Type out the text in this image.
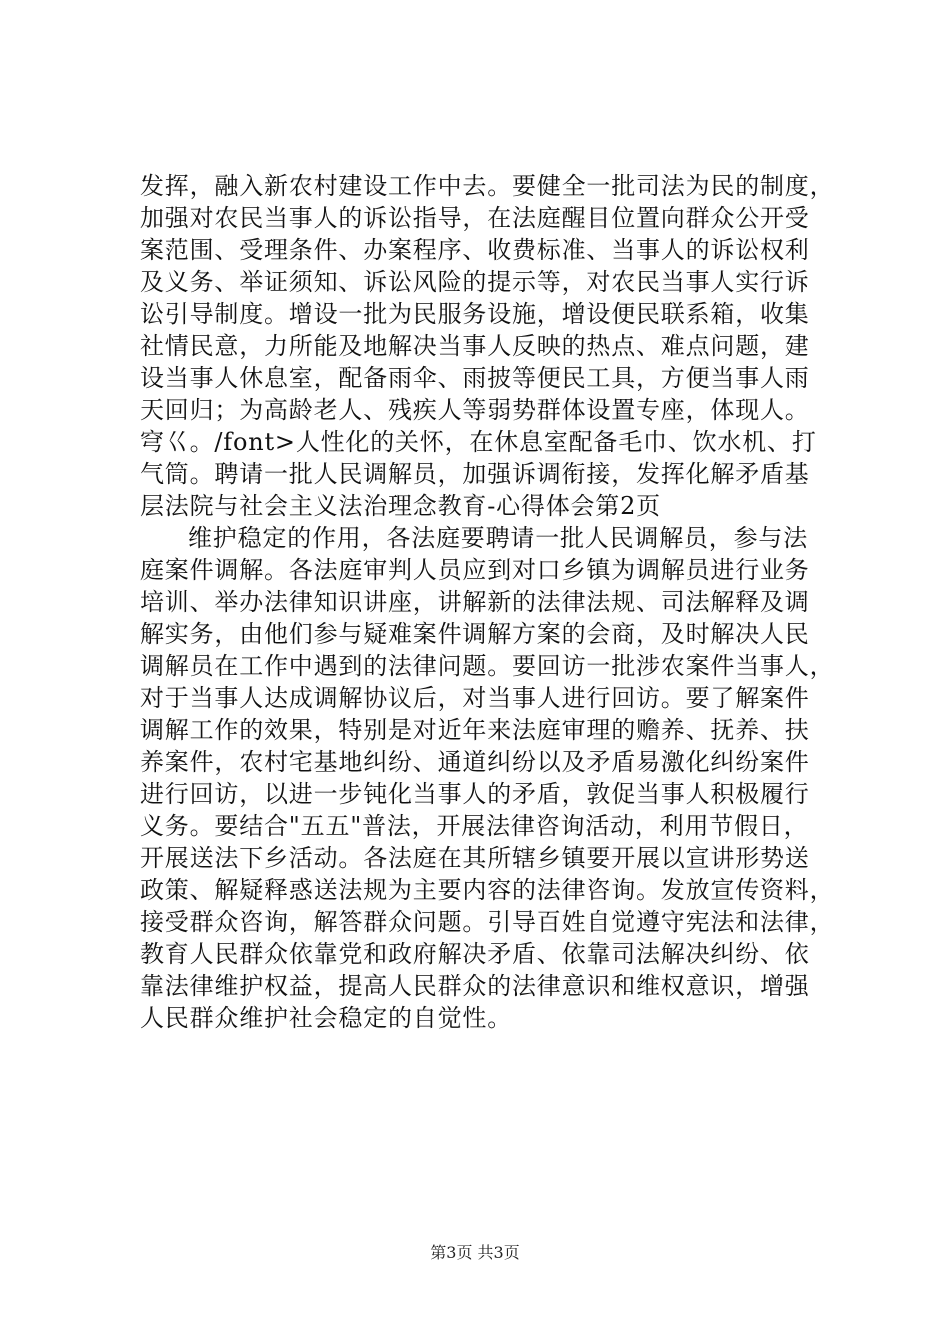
发挥，融入新农村建设工作中去。要健全一批司法为民的制度，
加强对农民当事人的诉讼指导，在法庭醒目位置向群众公开受
案范围、受理条件、办案程序、收费标准、当事人的诉讼权利
及义务、举证须知、诉讼风险的提示等，对农民当事人实行诉
讼引导制度。增设一批为民服务设施，增设便民联系箱，收集
社情民意，力所能及地解决当事人反映的热点、难点问题，建
设当事人休息室，配备雨伞、雨披等便民工具，方便当事人雨
天回归；为高龄老人、残疾人等弱势群体设置专座，体现人。
穹巜。/font>人性化的关怀，在休息室配备毛巾、饮水机、打
气筒。聘请一批人民调解员，加强诉调衔接，发挥化解矛盾基
层法院与社会主义法治理念教育-心得体会第2页
维护稳定的作用，各法庭要聘请一批人民调解员，参与法
庭案件调解。各法庭审判人员应到对口乡镇为调解员进行业务
培训、举办法律知识讲座，讲解新的法律法规、司法解释及调
解实务，由他们参与疑难案件调解方案的会商，及时解决人民
调解员在工作中遇到的法律问题。要回访一批涉农案件当事人，
对于当事人达成调解协议后，对当事人进行回访。要了解案件
调解工作的效果，特别是对近年来法庭审理的赡养、抚养、扶
养案件，农村宅基地纠纷、通道纠纷以及矛盾易激化纠纷案件
进行回访，以进一步钝化当事人的矛盾，敦促当事人积极履行
义务。要结合"五五"普法，开展法律咨询活动，利用节假日，
开展送法下乡活动。各法庭在其所辖乡镇要开展以宣讲形势送
政策、解疑释惑送法规为主要内容的法律咨询。发放宣传资料，
接受群众咨询，解答群众问题。引导百姓自觉遵守宪法和法律，
教育人民群众依靠党和政府解决矛盾、依靠司法解决纠纷、依
靠法律维护权益，提高人民群众的法律意识和维权意识，增强
人民群众维护社会稳定的自觉性。
第3页 共3页
